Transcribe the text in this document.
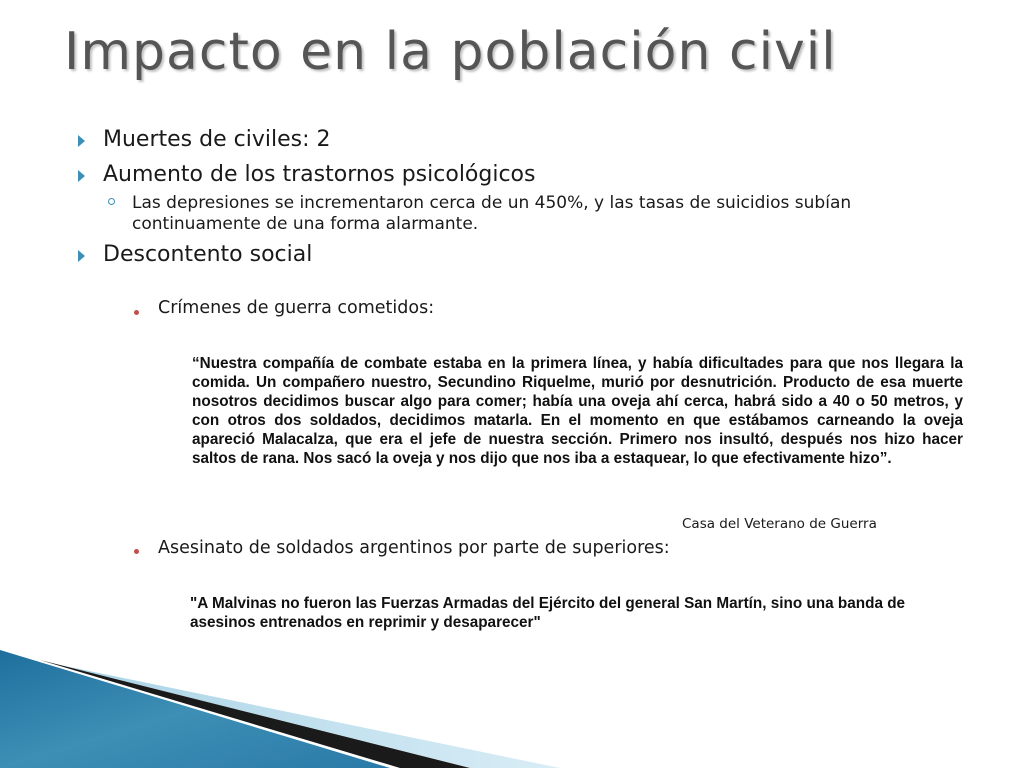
Impacto en la población civil
Muertes de civiles: 2
Aumento de los trastornos psicológicos
Las depresiones se incrementaron cerca de un 450%, y las tasas de suicidios subían continuamente de una forma alarmante.
Descontento social
Crímenes de guerra cometidos:
“Nuestra compañía de combate estaba en la primera línea, y había dificultades para que nos llegara la comida. Un compañero nuestro, Secundino Riquelme, murió por desnutrición. Producto de esa muerte nosotros decidimos buscar algo para comer; había una oveja ahí cerca, habrá sido a 40 o 50 metros, y con otros dos soldados, decidimos matarla. En el momento en que estábamos carneando la oveja apareció Malacalza, que era el jefe de nuestra sección. Primero nos insultó, después nos hizo hacer saltos de rana. Nos sacó la oveja y nos dijo que nos iba a estaquear, lo que efectivamente hizo”.
Casa del Veterano de Guerra
Asesinato de soldados argentinos por parte de superiores:
"A Malvinas no fueron las Fuerzas Armadas del Ejército del general San Martín, sino una banda de asesinos entrenados en reprimir y desaparecer"
